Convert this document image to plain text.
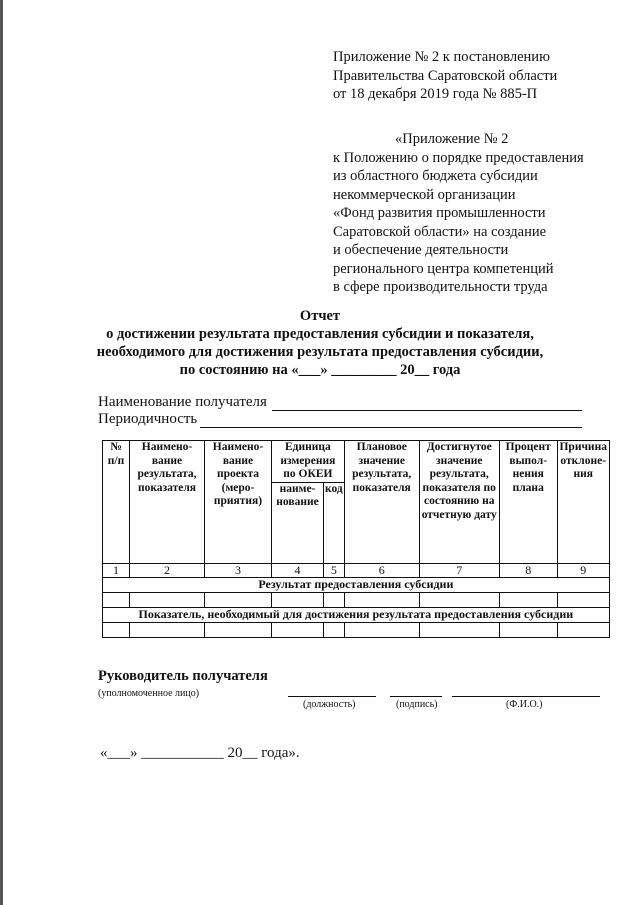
Приложение № 2 к постановлению
Правительства Саратовской области
от 18 декабря 2019 года № 885-П
«Приложение № 2
к Положению о порядке предоставления
из областного бюджета субсидии
некоммерческой организации
«Фонд развития промышленности
Саратовской области» на создание
и обеспечение деятельности
регионального центра компетенций
в сфере производительности труда
Отчет
о достижении результата предоставления субсидии и показателя,
необходимого для достижения результата предоставления субсидии,
по состоянию на «___» _________ 20__ года
Наименование получателя
Периодичность
№ п/п	Наимено-вание результата, показателя	Наимено-вание проекта (меро-приятия)	Единица измерения по ОКЕИ		Плановое значение результата, показателя	Достигнутое значение результата, показателя по состоянию на отчетную дату	Процент выпол-нения плана	Причина отклоне-ния
			наиме-нование	код				
1	2	3	4	5	6	7	8	9
Результат предоставления субсидии								

Показатель, необходимый для достижения результата предоставления субсидии								

Руководитель получателя
(уполномоченное лицо)
(должность)	(подпись)	(Ф.И.О.)
«___» ___________ 20__ года».
